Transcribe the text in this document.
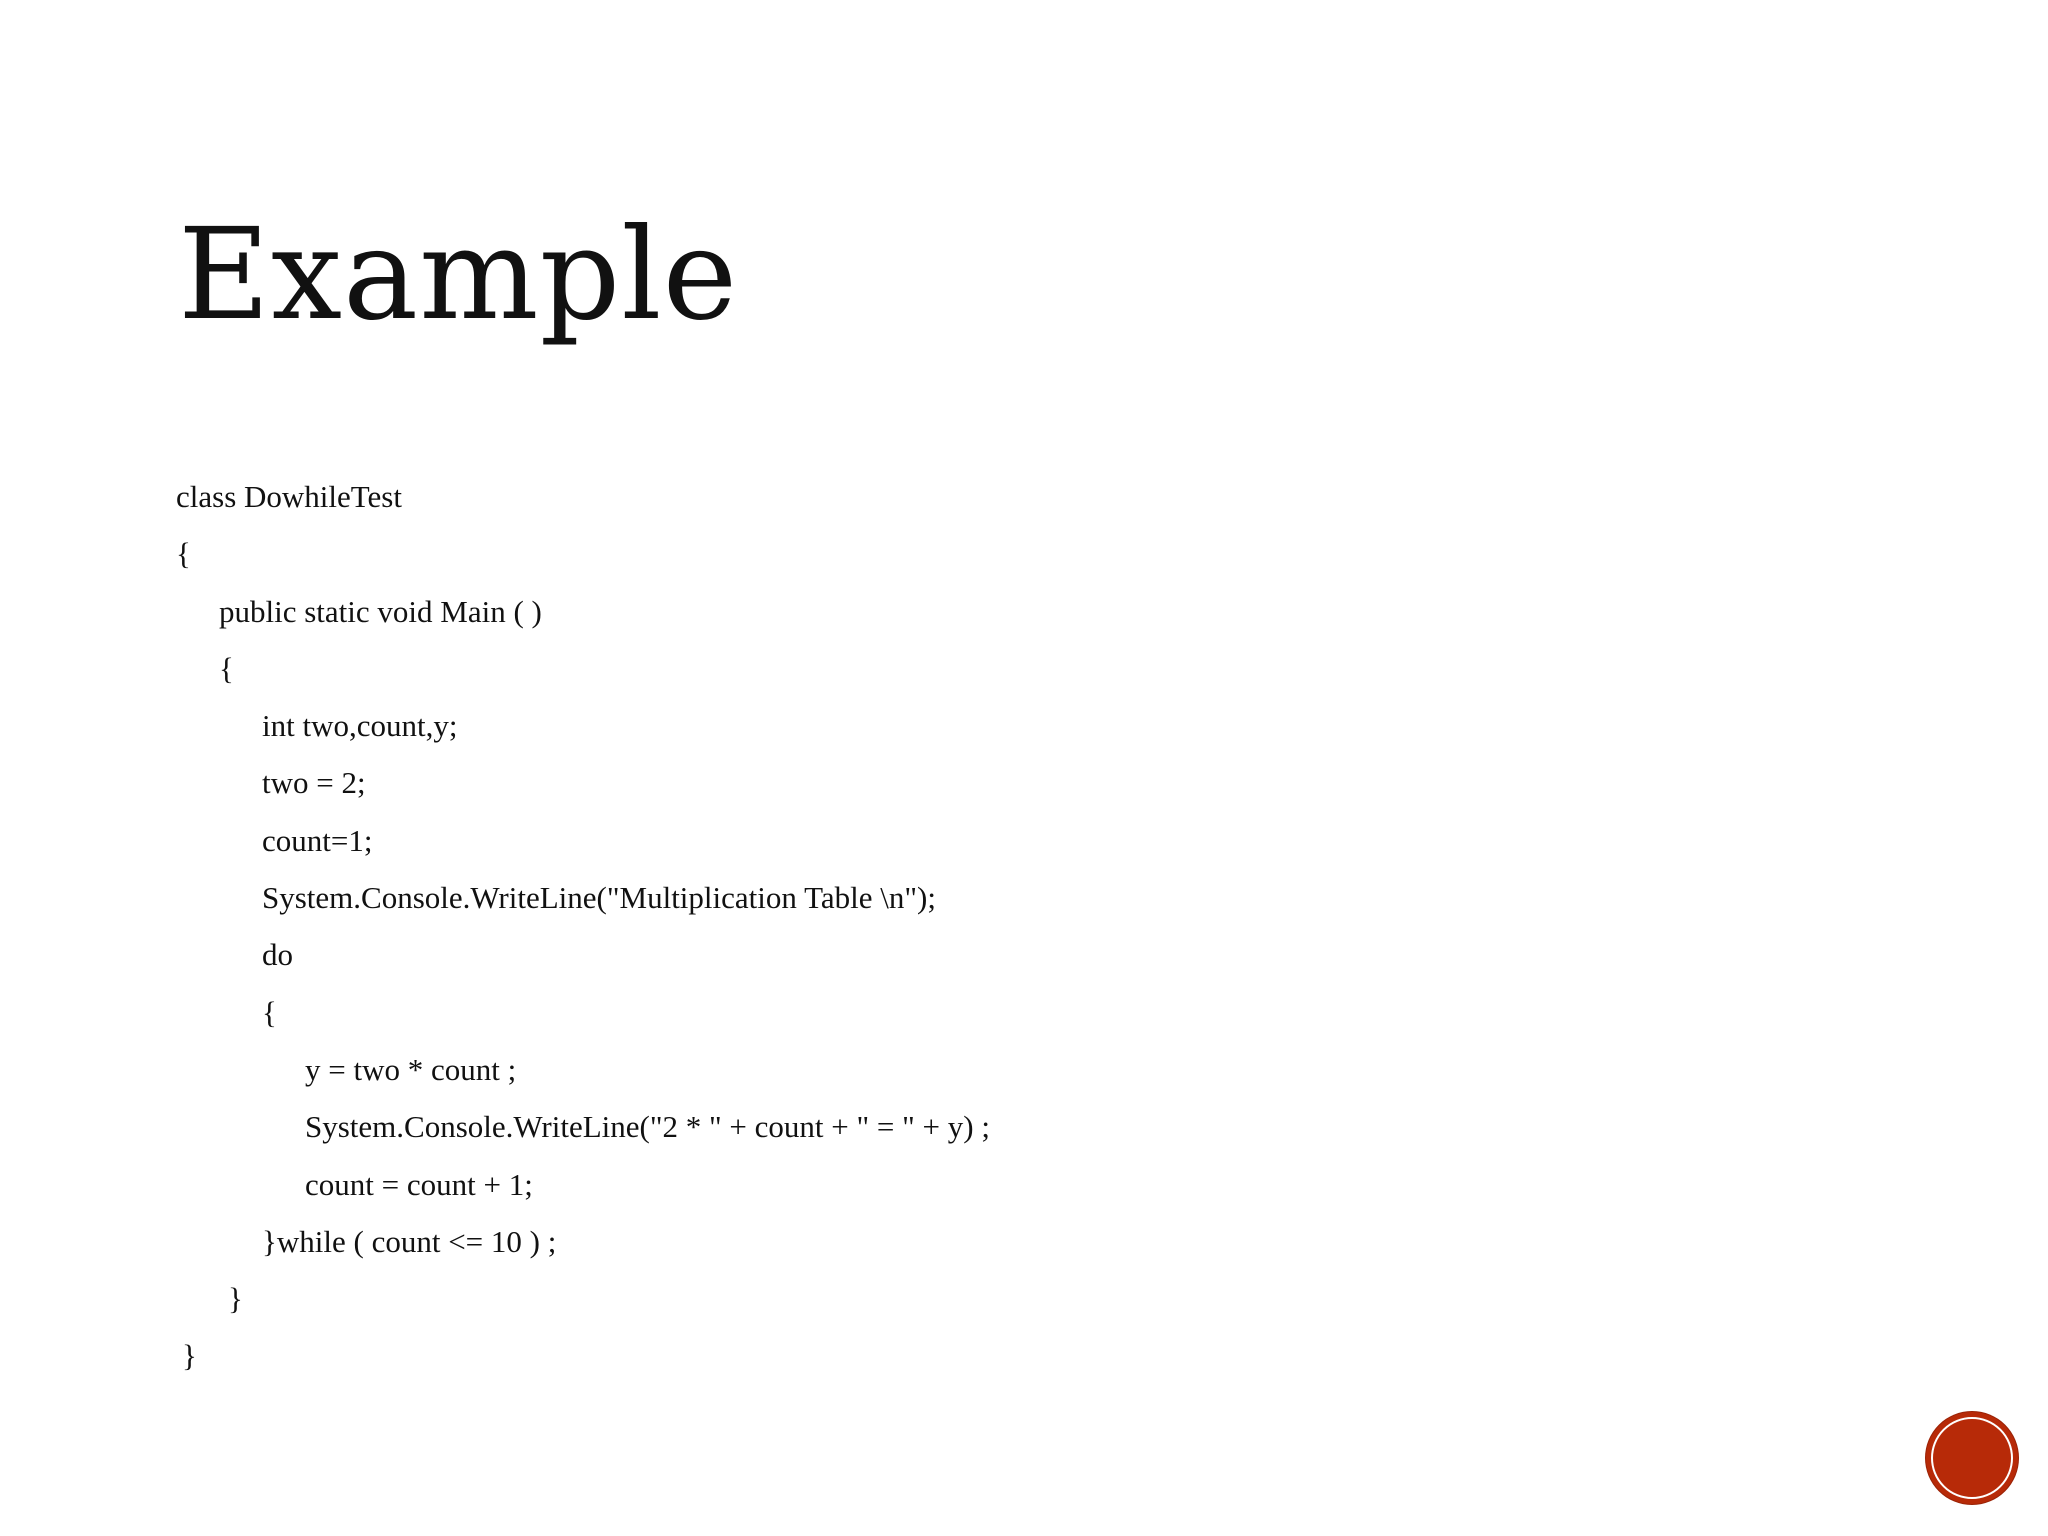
Example
class DowhileTest
{
public static void Main ( )
{
int two,count,y;
two = 2;
count=1;
System.Console.WriteLine("Multiplication Table \n");
do
{
y = two * count ;
System.Console.WriteLine("2 * " + count + " = " + y) ;
count = count + 1;
}while ( count <= 10 ) ;
}
}
